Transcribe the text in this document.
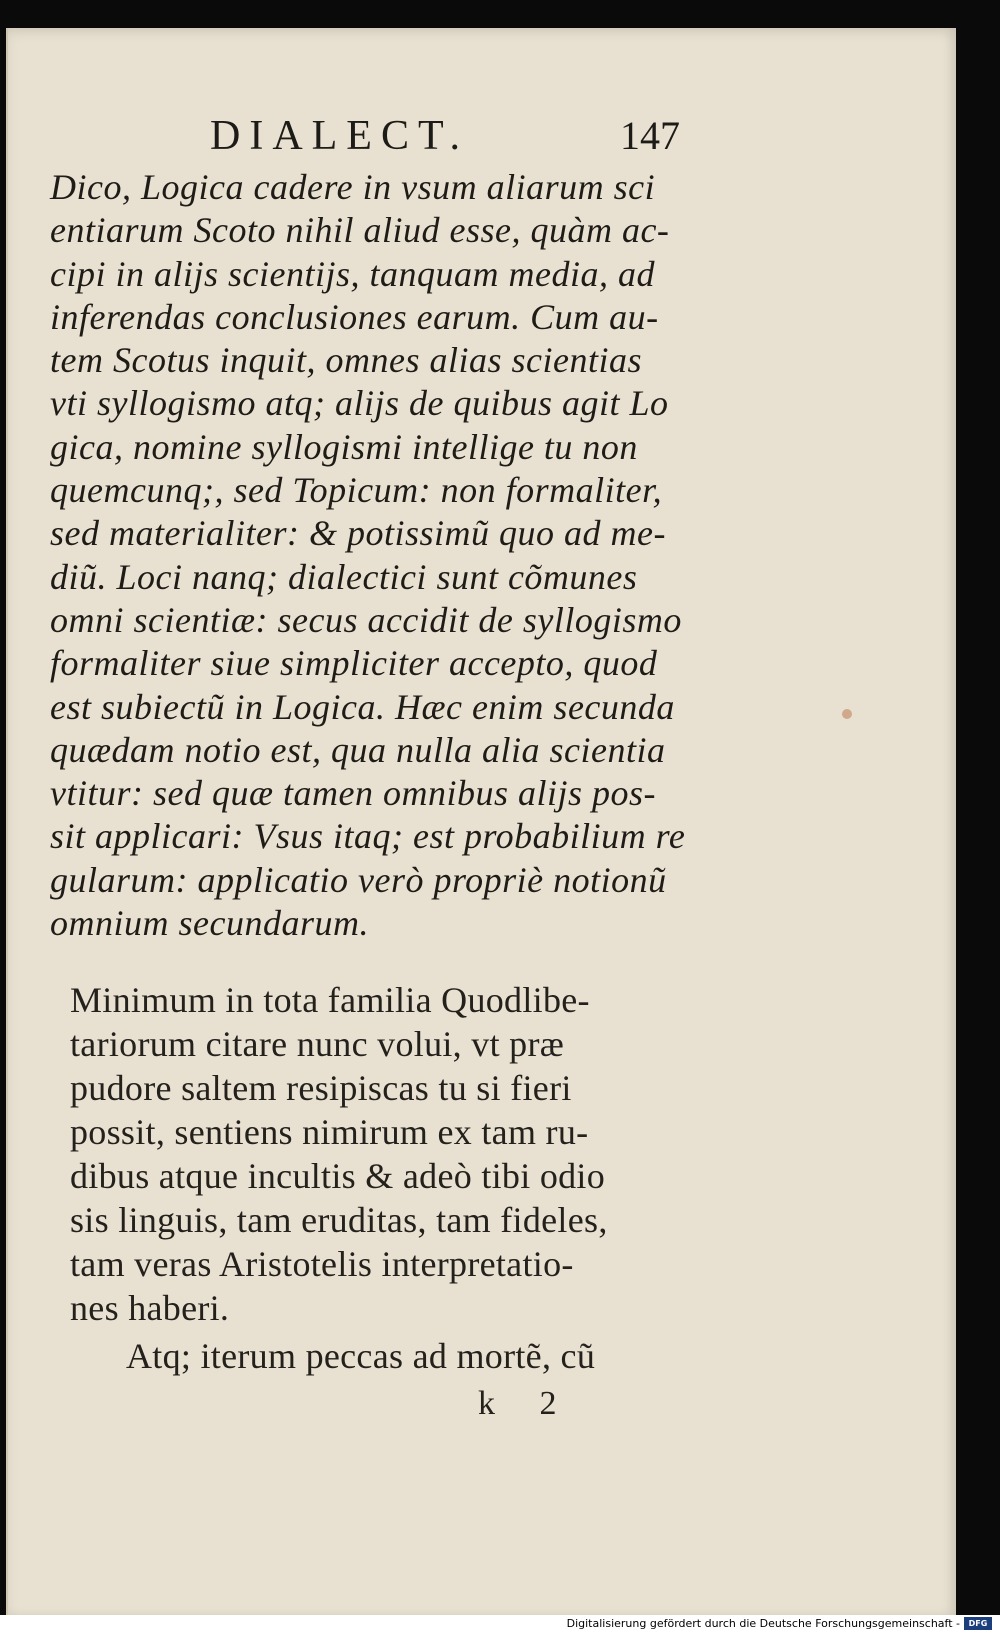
DIALECT.	147
Dico, Logica cadere in vsum aliarum sci
entiarum Scoto nihil aliud esse, quàm ac-
cipi in alijs scientijs, tanquam media, ad
inferendas conclusiones earum. Cum au-
tem Scotus inquit, omnes alias scientias
vti syllogismo atq; alijs de quibus agit Lo
gica, nomine syllogismi intellige tu non
quemcunq;, sed Topicum: non formaliter,
sed materialiter: & potissimũ quo ad me-
diũ. Loci nanq; dialectici sunt cõmunes
omni scientiæ: secus accidit de syllogismo
formaliter siue simpliciter accepto, quod
est subiectũ in Logica. Hæc enim secunda
quædam notio est, qua nulla alia scientia
vtitur: sed quæ tamen omnibus alijs pos-
sit applicari: Vsus itaq; est probabilium re
gularum: applicatio verò propriè notionũ
omnium secundarum.
Minimum in tota familia Quodlibe-
tariorum citare nunc volui, vt præ
pudore saltem resipiscas tu si fieri
possit, sentiens nimirum ex tam ru-
dibus atque incultis & adeò tibi odio
sis linguis, tam eruditas, tam fideles,
tam veras Aristotelis interpretatio-
nes haberi.
Atq; iterum peccas ad mortẽ, cũ
k 2
Digitalisierung gefördert durch die Deutsche Forschungsgemeinschaft -	DFG
